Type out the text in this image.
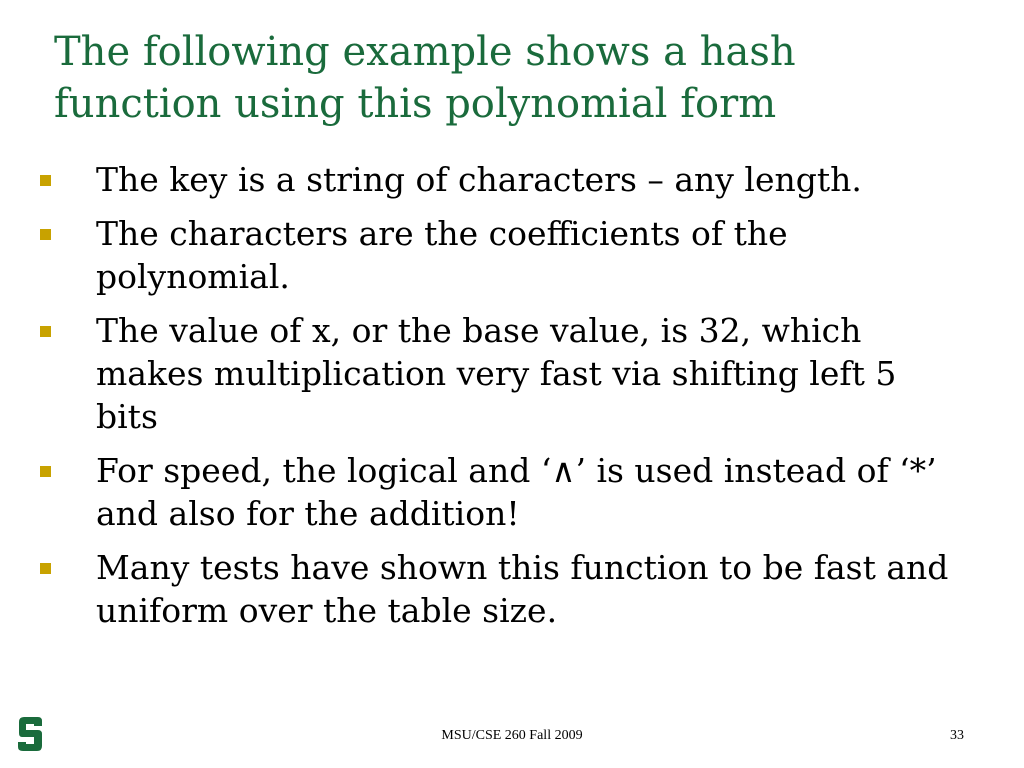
The following example shows a hash function using this polynomial form
The key is a string of characters – any length.
The characters are the coefficients of the polynomial.
The value of x, or the base value, is 32, which makes multiplication very fast via shifting left 5 bits
For speed, the logical and ‘∧’ is used instead of ‘*’ and also for the addition!
Many tests have shown this function to be fast and uniform over the table size.
MSU/CSE 260 Fall 2009	33
